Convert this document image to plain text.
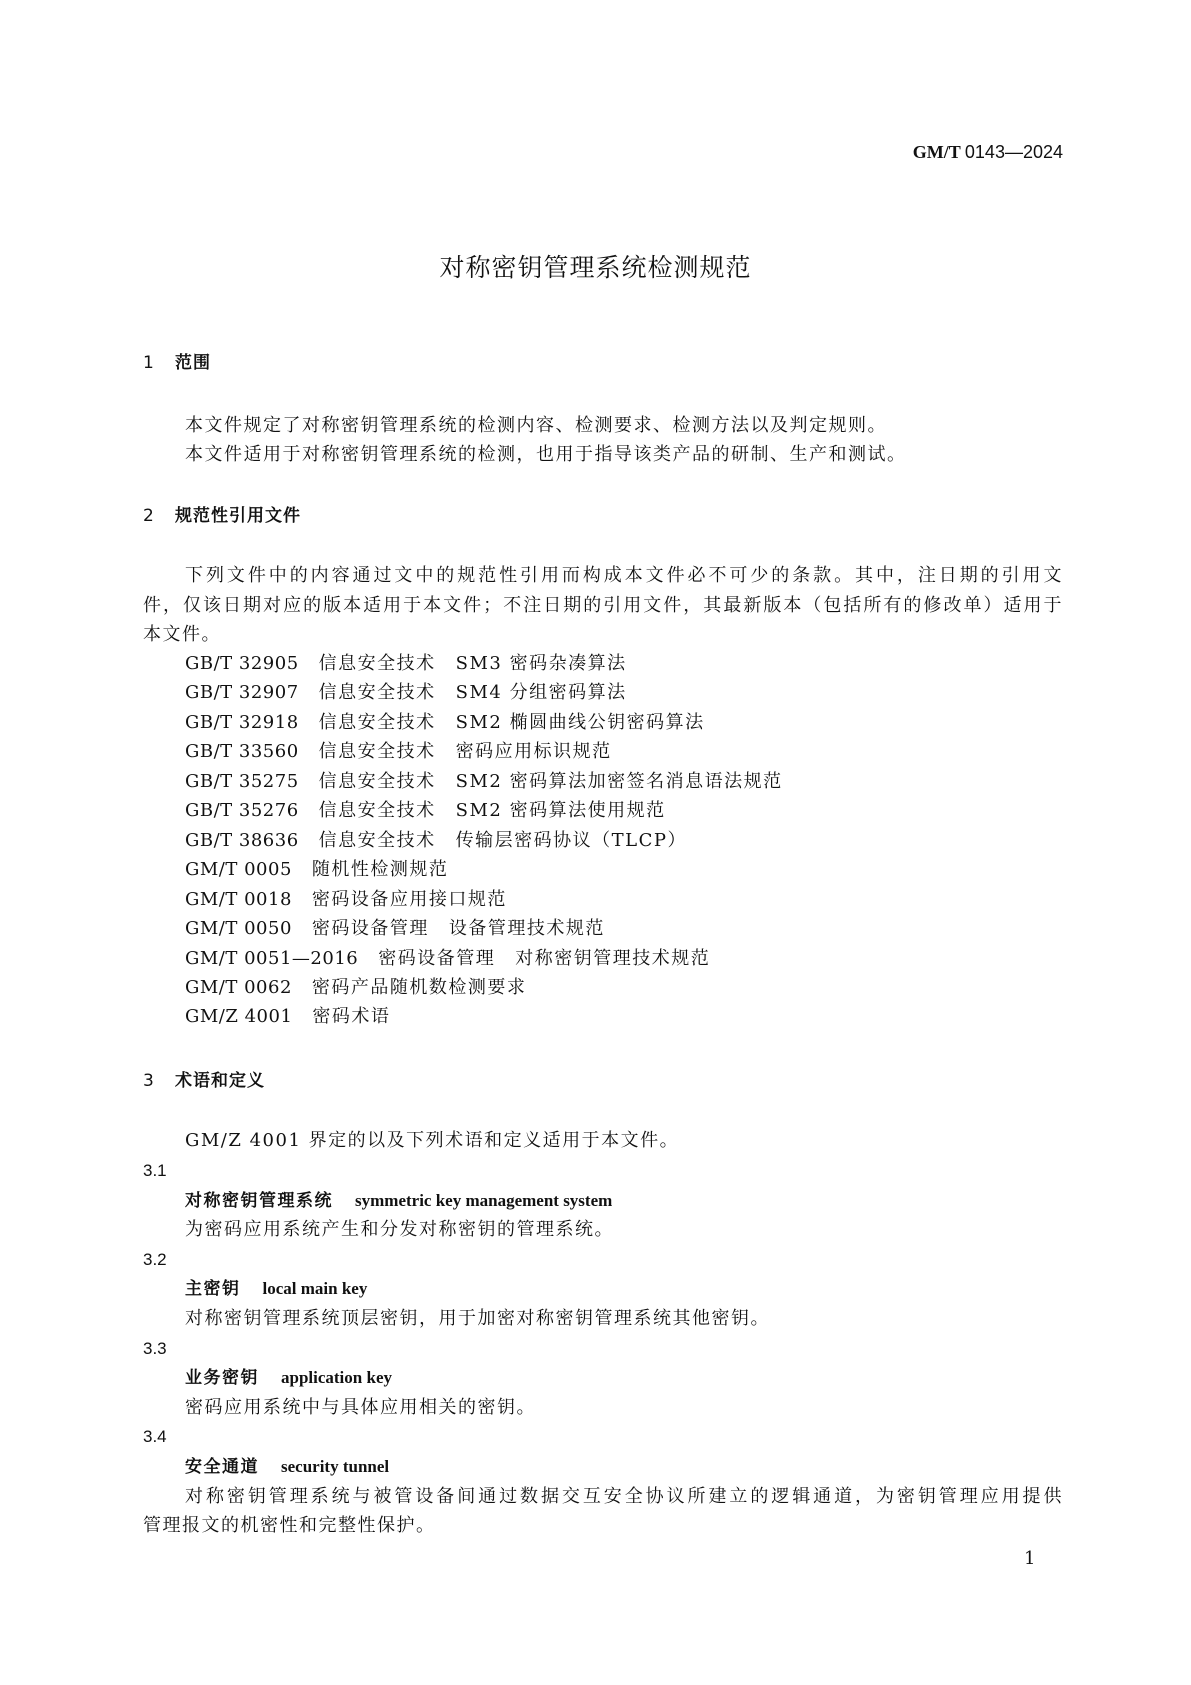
GM/T 0143—2024
对称密钥管理系统检测规范
1 范围
本文件规定了对称密钥管理系统的检测内容、检测要求、检测方法以及判定规则。
本文件适用于对称密钥管理系统的检测，也用于指导该类产品的研制、生产和测试。
2 规范性引用文件
下列文件中的内容通过文中的规范性引用而构成本文件必不可少的条款。其中，注日期的引用文
件，仅该日期对应的版本适用于本文件；不注日期的引用文件，其最新版本（包括所有的修改单）适用于
本文件。
GB/T 32905 信息安全技术 SM3 密码杂凑算法
GB/T 32907 信息安全技术 SM4 分组密码算法
GB/T 32918 信息安全技术 SM2 椭圆曲线公钥密码算法
GB/T 33560 信息安全技术 密码应用标识规范
GB/T 35275 信息安全技术 SM2 密码算法加密签名消息语法规范
GB/T 35276 信息安全技术 SM2 密码算法使用规范
GB/T 38636 信息安全技术 传输层密码协议（TLCP）
GM/T 0005 随机性检测规范
GM/T 0018 密码设备应用接口规范
GM/T 0050 密码设备管理 设备管理技术规范
GM/T 0051—2016 密码设备管理 对称密钥管理技术规范
GM/T 0062 密码产品随机数检测要求
GM/Z 4001 密码术语
3 术语和定义
GM/Z 4001 界定的以及下列术语和定义适用于本文件。
3.1
对称密钥管理系统 symmetric key management system
为密码应用系统产生和分发对称密钥的管理系统。
3.2
主密钥 local main key
对称密钥管理系统顶层密钥，用于加密对称密钥管理系统其他密钥。
3.3
业务密钥 application key
密码应用系统中与具体应用相关的密钥。
3.4
安全通道 security tunnel
对称密钥管理系统与被管设备间通过数据交互安全协议所建立的逻辑通道，为密钥管理应用提供
管理报文的机密性和完整性保护。
1
